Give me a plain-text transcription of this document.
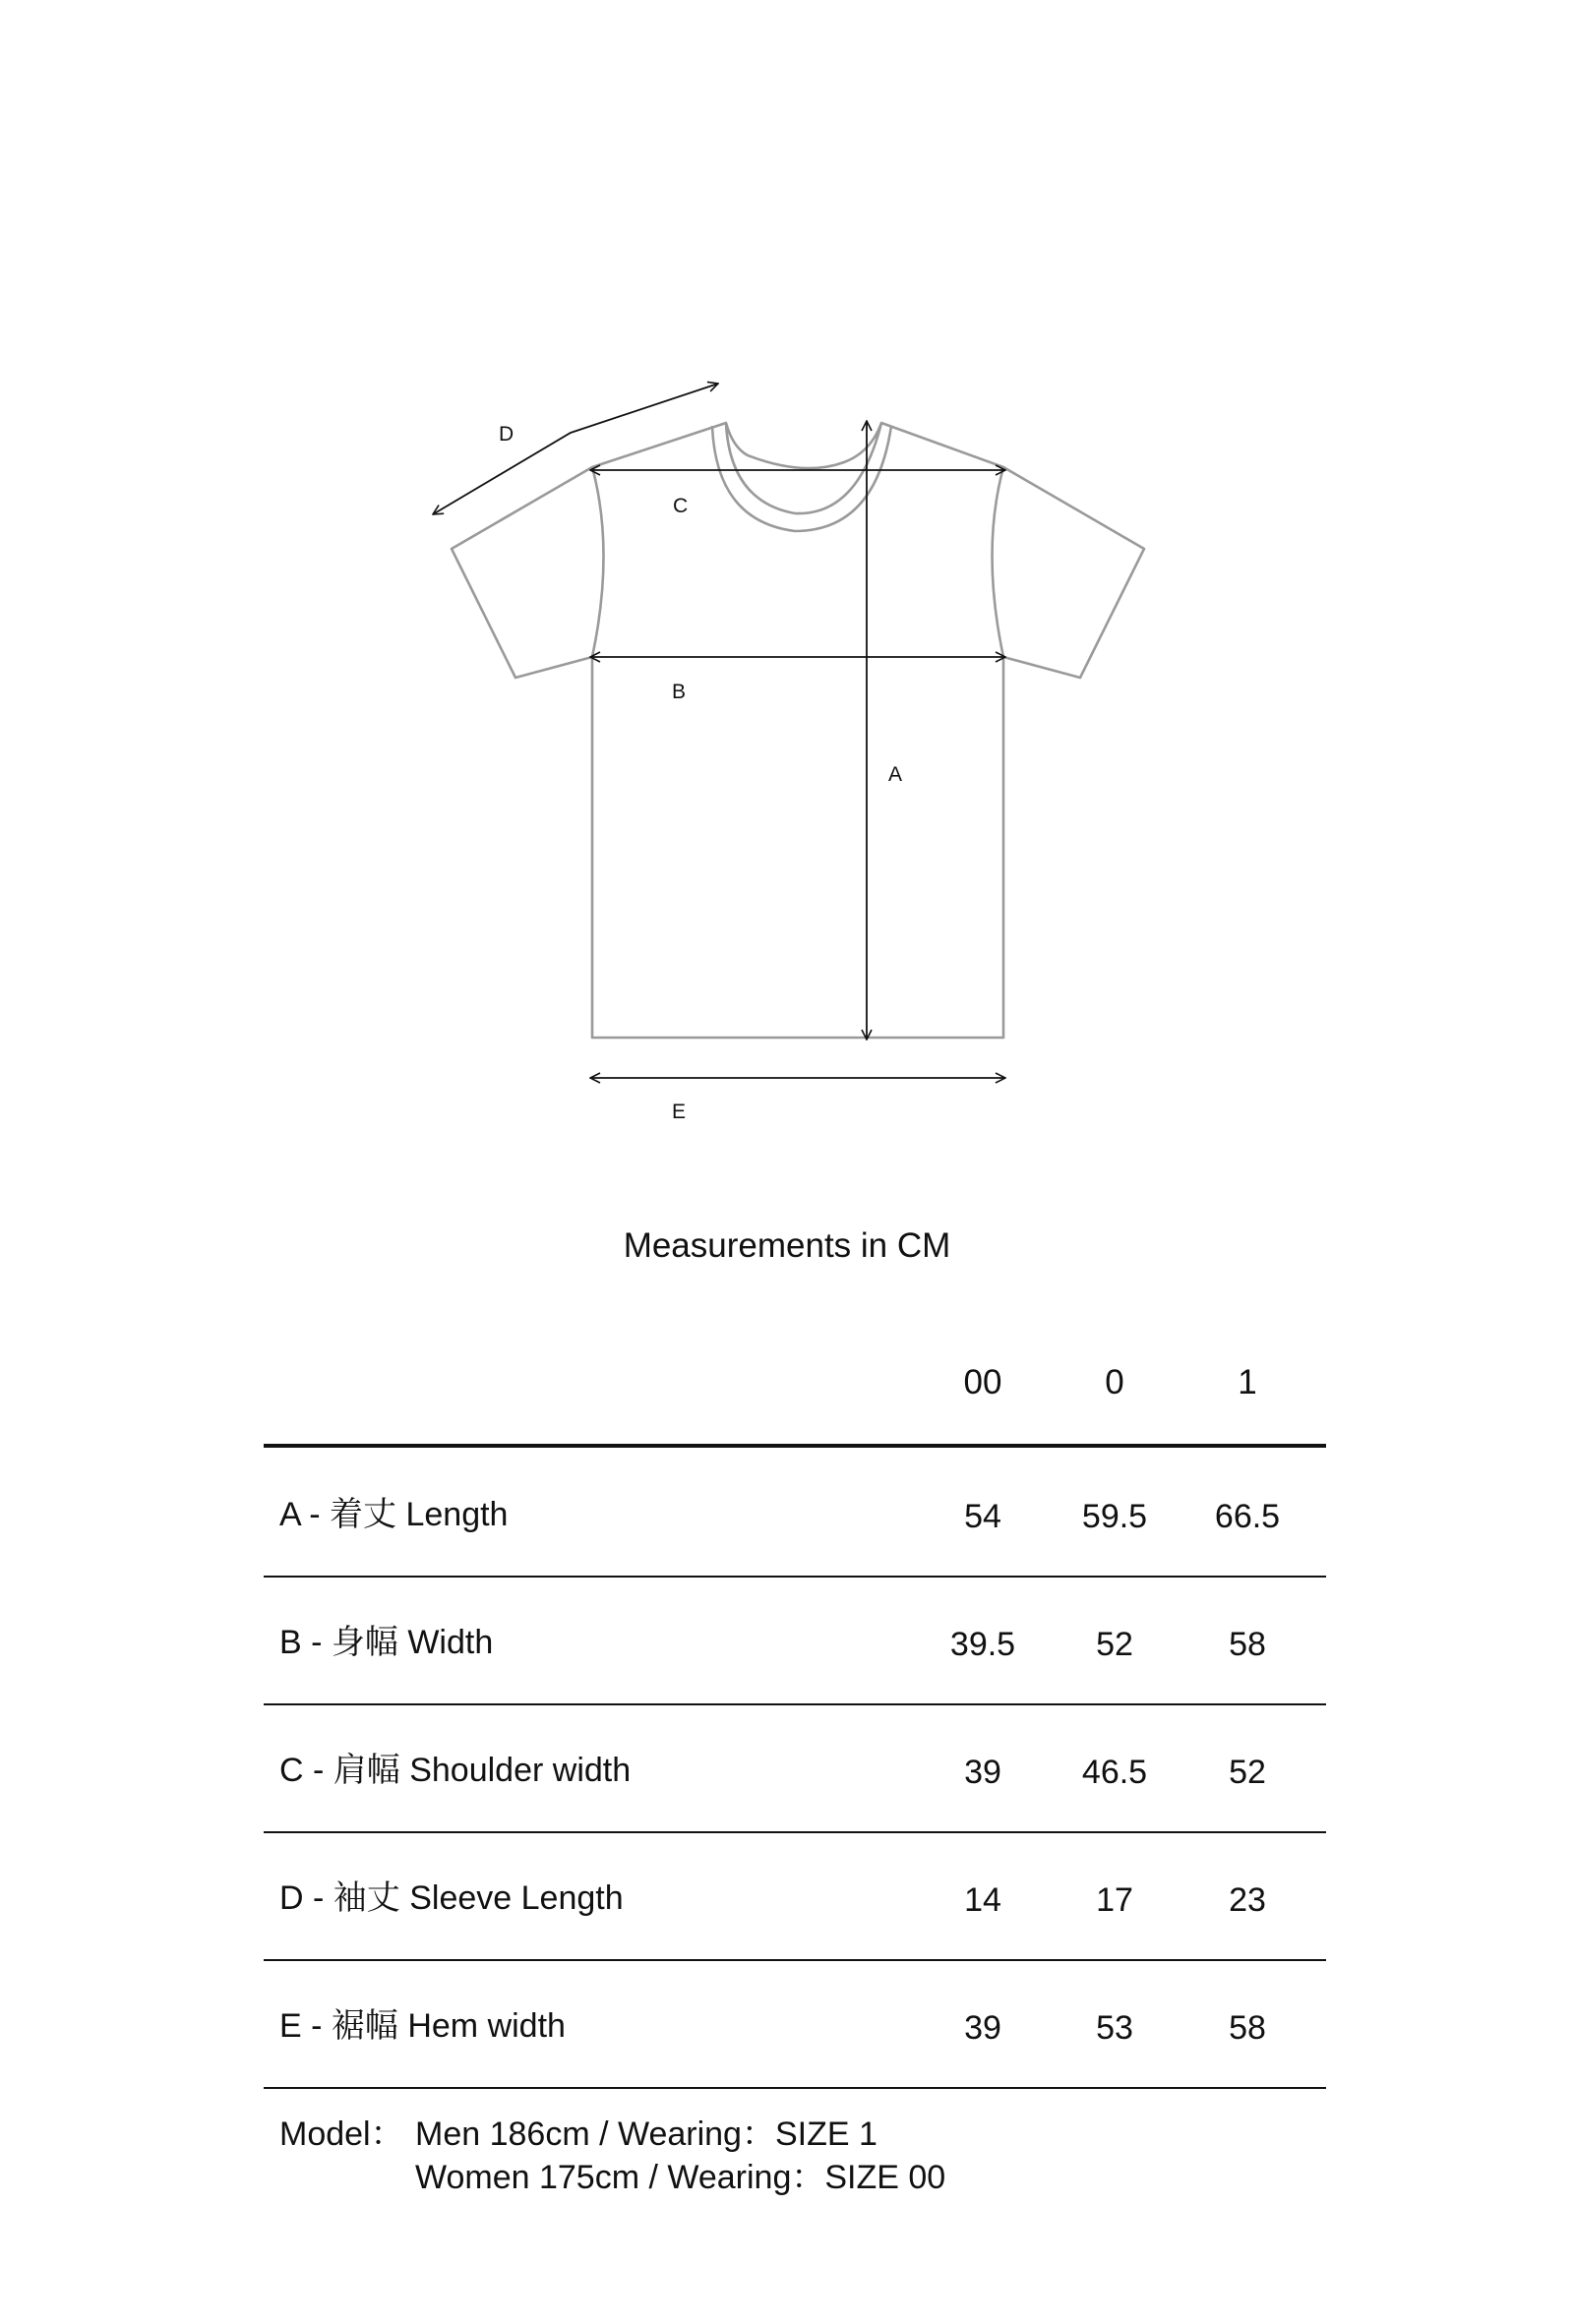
A
B
C
D
E
Measurements in CM
00	0	1
A - 着丈 Length	54	59.5	66.5
B - 身幅 Width	39.5	52	58
C - 肩幅 Shoulder width	39	46.5	52
D - 袖丈 Sleeve Length	14	17	23
E - 裾幅 Hem width	39	53	58
Model： Men 186cm / Wearing：SIZE 1
Women 175cm / Wearing：SIZE 00
